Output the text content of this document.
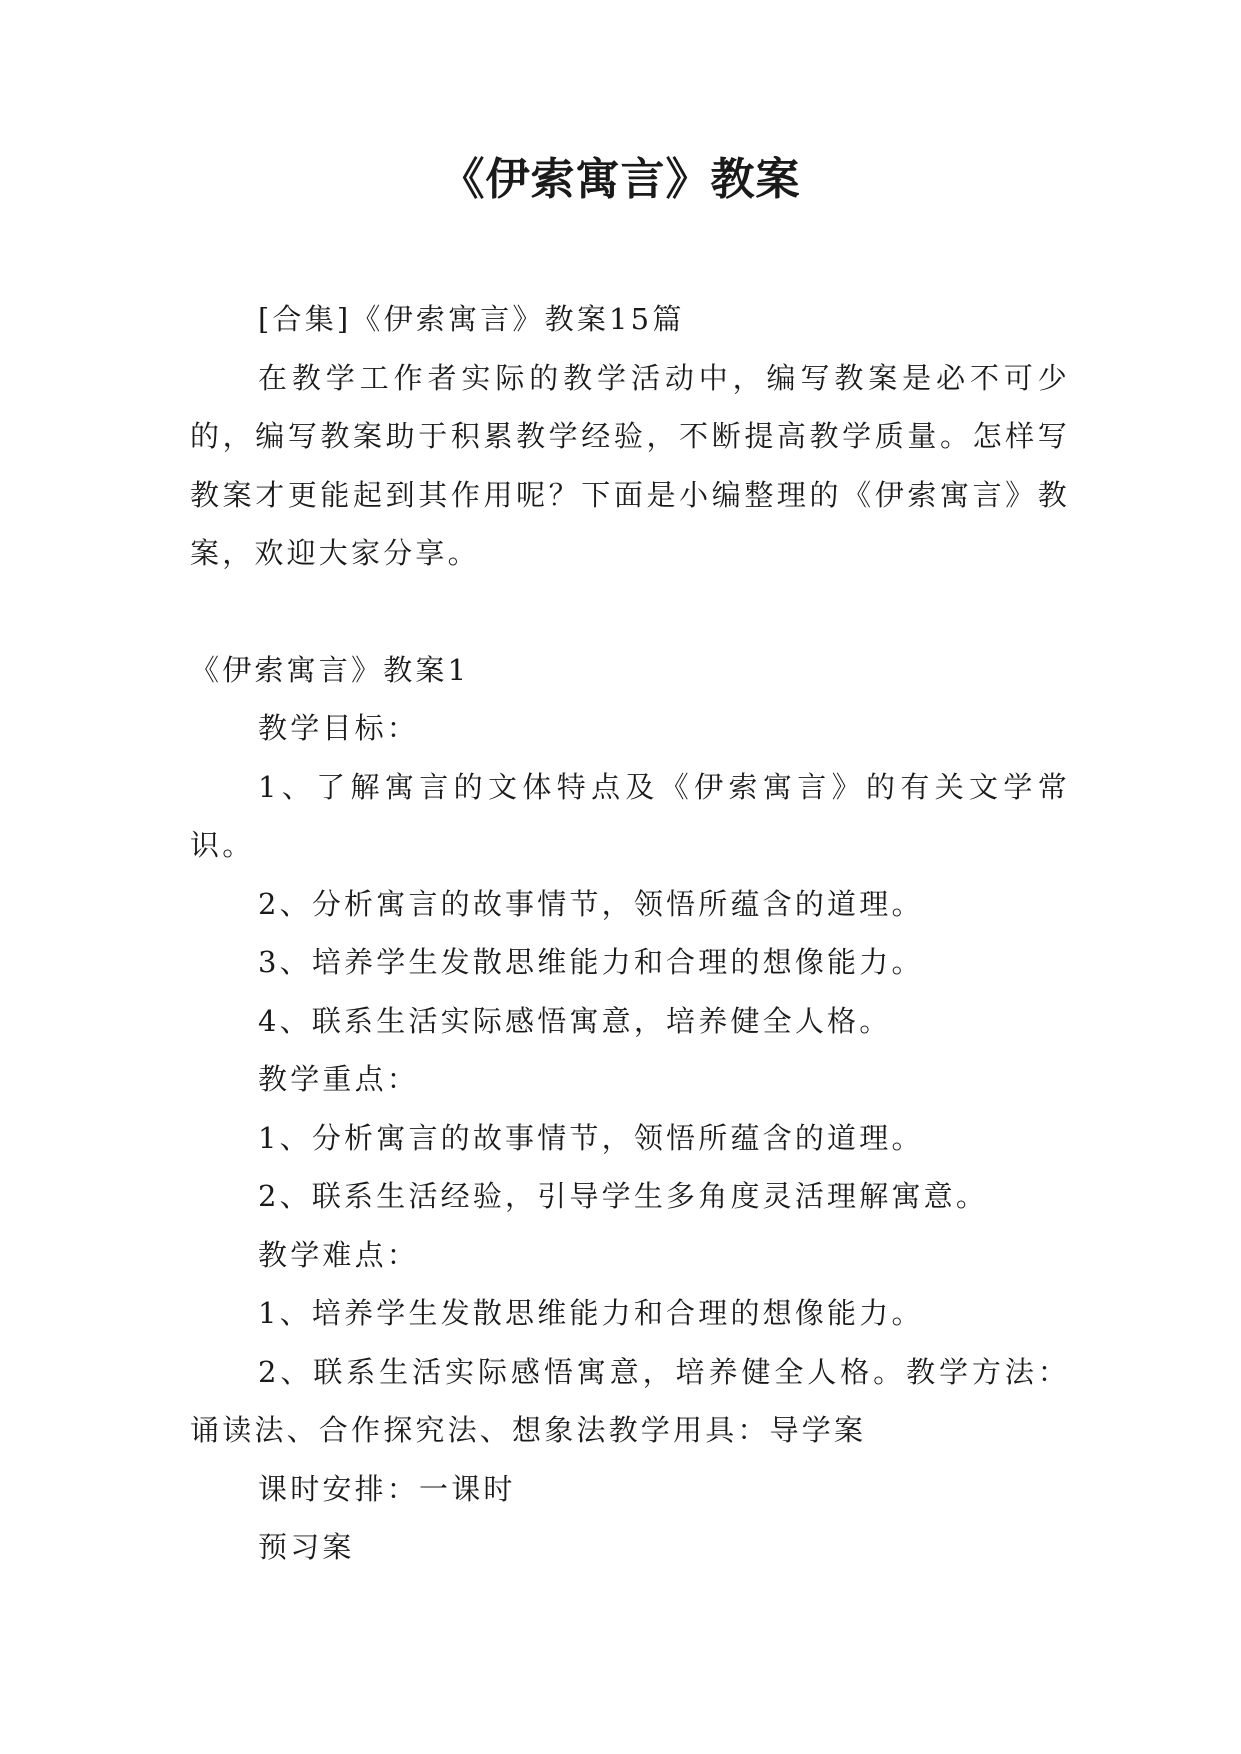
《伊索寓言》教案

[合集]《伊索寓言》教案15篇

在教学工作者实际的教学活动中，编写教案是必不可少的，编写教案助于积累教学经验，不断提高教学质量。怎样写教案才更能起到其作用呢？下面是小编整理的《伊索寓言》教案，欢迎大家分享。

《伊索寓言》教案1

教学目标：

1、了解寓言的文体特点及《伊索寓言》的有关文学常识。

2、分析寓言的故事情节，领悟所蕴含的道理。

3、培养学生发散思维能力和合理的想像能力。

4、联系生活实际感悟寓意，培养健全人格。

教学重点：

1、分析寓言的故事情节，领悟所蕴含的道理。

2、联系生活经验，引导学生多角度灵活理解寓意。

教学难点：

1、培养学生发散思维能力和合理的想像能力。

2、联系生活实际感悟寓意，培养健全人格。教学方法：诵读法、合作探究法、想象法教学用具：导学案

课时安排：一课时

预习案
